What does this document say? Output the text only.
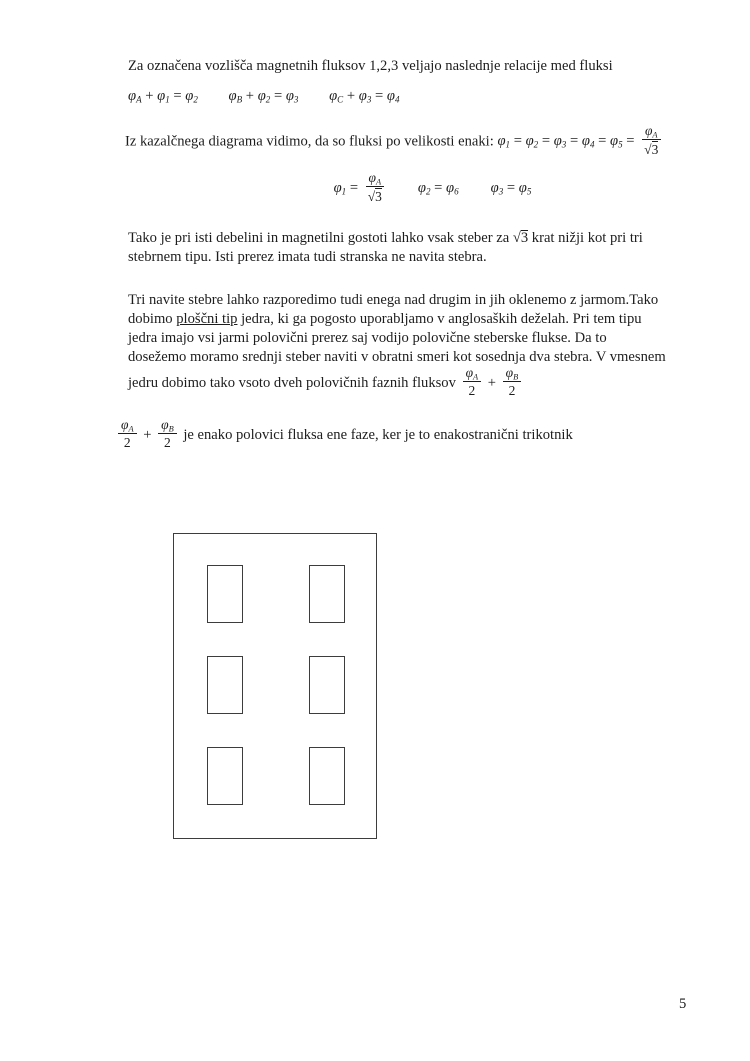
Za označena vozlišča magnetnih fluksov 1,2,3 veljajo naslednje relacije med fluksi
$\varphi_A + \varphi_1 = \varphi_2$ $\varphi_B + \varphi_2 = \varphi_3$ $\varphi_C + \varphi_3 = \varphi_4$
Iz kazalčnega diagrama vidimo, da so fluksi po velikosti enaki: $\varphi_1 = \varphi_2 = \varphi_3 = \varphi_4 = \varphi_5 = \frac{\varphi_A}{√3}$
$\varphi_1 = \frac{\varphi_A}{√3} \varphi_2 = \varphi_6$ $\varphi_3 = \varphi_5$
Tako je pri isti debelini in magnetilni gostoti lahko vsak steber za √3 krat nižji kot pri tri
stebrnem tipu. Isti prerez imata tudi stranska ne navita stebra.
Tri navite stebre lahko razporedimo tudi enega nad drugim in jih oklenemo z jarmom.Tako
dobimo ploščni tip jedra, ki ga pogosto uporabljamo v anglosaških deželah. Pri tem tipu
jedra imajo vsi jarmi polovični prerez saj vodijo polovične steberske flukse. Da to
dosežemo moramo srednji steber naviti v obratni smeri kot sosednja dva stebra. V vmesnem
jedru dobimo tako vsoto dveh polovičnih faznih fluksov $\frac{\varphi_A}{2} + \frac{\varphi_B}{2}$
$\frac{\varphi_A}{2} + \frac{\varphi_B}{2}$ je enako polovici fluksa ene faze, ker je to enakostranični trikotnik
5
